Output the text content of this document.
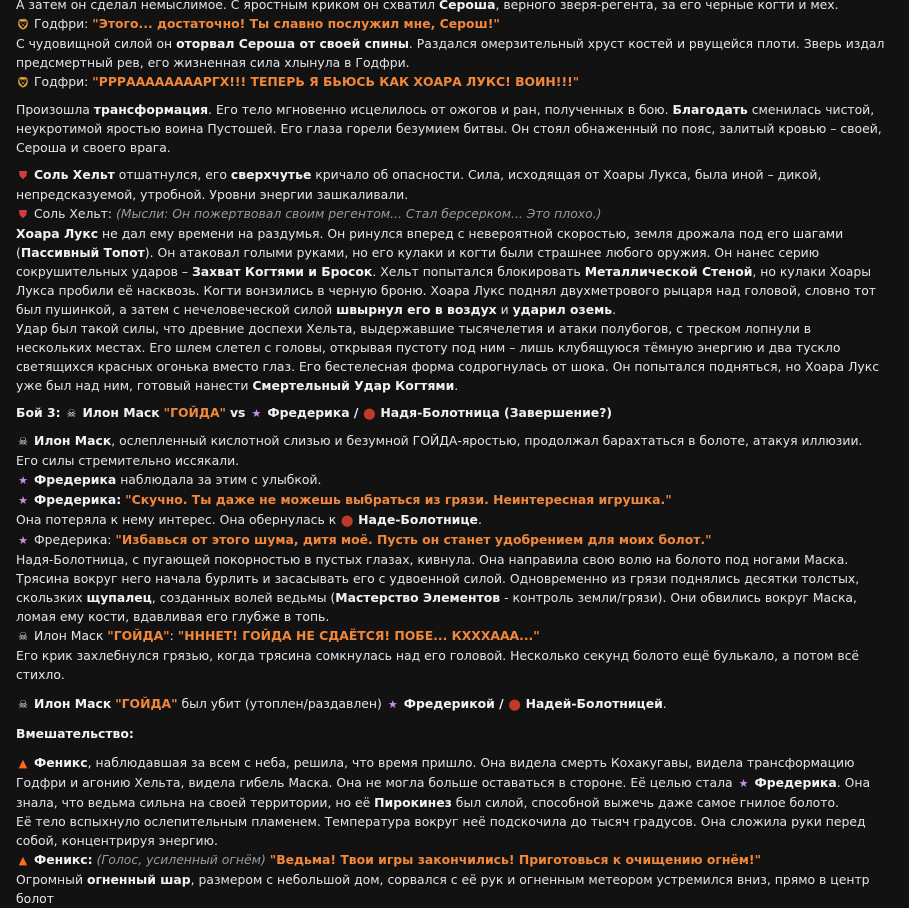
А затем он сделал немыслимое. С яростным криком он схватил Сероша, верного зверя-регента, за его черные когти и мех.

🦁︎ Годфри: "Этого... достаточно! Ты славно послужил мне, Серош!"

С чудовищной силой он оторвал Сероша от своей спины. Раздался омерзительный хруст костей и рвущейся плоти. Зверь издал предсмертный рев, его жизненная сила хлынула в Годфри.

🦁︎ Годфри: "РРРААААААААРГХ!!! ТЕПЕРЬ Я БЬЮСЬ КАК ХОАРА ЛУКС! ВОИН!!!"

Произошла трансформация. Его тело мгновенно исцелилось от ожогов и ран, полученных в бою. Благодать сменилась чистой, неукротимой яростью воина Пустошей. Его глаза горели безумием битвы. Он стоял обнаженный по пояс, залитый кровью – своей, Сероша и своего врага.

⛊ Соль Хельт отшатнулся, его сверхчутье кричало об опасности. Сила, исходящая от Хоары Лукса, была иной – дикой, непредсказуемой, утробной. Уровни энергии зашкаливали.

⛊ Соль Хельт: (Мысли: Он пожертвовал своим регентом... Стал берсерком... Это плохо.)

Хоара Лукс не дал ему времени на раздумья. Он ринулся вперед с невероятной скоростью, земля дрожала под его шагами (Пассивный Топот). Он атаковал голыми руками, но его кулаки и когти были страшнее любого оружия. Он нанес серию сокрушительных ударов – Захват Когтями и Бросок. Хельт попытался блокировать Металлической Стеной, но кулаки Хоары Лукса пробили её насквозь. Когти вонзились в черную броню. Хоара Лукс поднял двухметрового рыцаря над головой, словно тот был пушинкой, а затем с нечеловеческой силой швырнул его в воздух и ударил оземь.

Удар был такой силы, что древние доспехи Хельта, выдержавшие тысячелетия и атаки полубогов, с треском лопнули в нескольких местах. Его шлем слетел с головы, открывая пустоту под ним – лишь клубящуюся тёмную энергию и два тускло светящихся красных огонька вместо глаз. Его бестелесная форма содрогнулась от шока. Он попытался подняться, но Хоара Лукс уже был над ним, готовый нанести Смертельный Удар Когтями.

Бой 3: ☠ Илон Маск "ГОЙДА" vs ★ Фредерика / ⬤ Надя-Болотница (Завершение?)

☠ Илон Маск, ослепленный кислотной слизью и безумной ГОЙДА-яростью, продолжал барахтаться в болоте, атакуя иллюзии. Его силы стремительно иссякали.

★ Фредерика наблюдала за этим с улыбкой.

★ Фредерика: "Скучно. Ты даже не можешь выбраться из грязи. Неинтересная игрушка."

Она потеряла к нему интерес. Она обернулась к ⬤ Наде-Болотнице.

★ Фредерика: "Избавься от этого шума, дитя моё. Пусть он станет удобрением для моих болот."

Надя-Болотница, с пугающей покорностью в пустых глазах, кивнула. Она направила свою волю на болото под ногами Маска. Трясина вокруг него начала бурлить и засасывать его с удвоенной силой. Одновременно из грязи поднялись десятки толстых, скользких щупалец, созданных волей ведьмы (Мастерство Элементов - контроль земли/грязи). Они обвились вокруг Маска, ломая ему кости, вдавливая его глубже в топь.

☠ Илон Маск "ГОЙДА": "НННЕТ! ГОЙДА НЕ СДАЁТСЯ! ПОБЕ... КХХХААА..."

Его крик захлебнулся грязью, когда трясина сомкнулась над его головой. Несколько секунд болото ещё булькало, а потом всё стихло.

☠ Илон Маск "ГОЙДА" был убит (утоплен/раздавлен) ★ Фредерикой / ⬤ Надей-Болотницей.

Вмешательство:

▲ Феникс, наблюдавшая за всем с неба, решила, что время пришло. Она видела смерть Кохакугавы, видела трансформацию Годфри и агонию Хельта, видела гибель Маска. Она не могла больше оставаться в стороне. Её целью стала ★ Фредерика. Она знала, что ведьма сильна на своей территории, но её Пирокинез был силой, способной выжечь даже самое гнилое болото.

Её тело вспыхнуло ослепительным пламенем. Температура вокруг неё подскочила до тысяч градусов. Она сложила руки перед собой, концентрируя энергию.

▲ Феникс: (Голос, усиленный огнём) "Ведьма! Твои игры закончились! Приготовься к очищению огнём!"

Огромный огненный шар, размером с небольшой дом, сорвался с её рук и огненным метеором устремился вниз, прямо в центр болот
